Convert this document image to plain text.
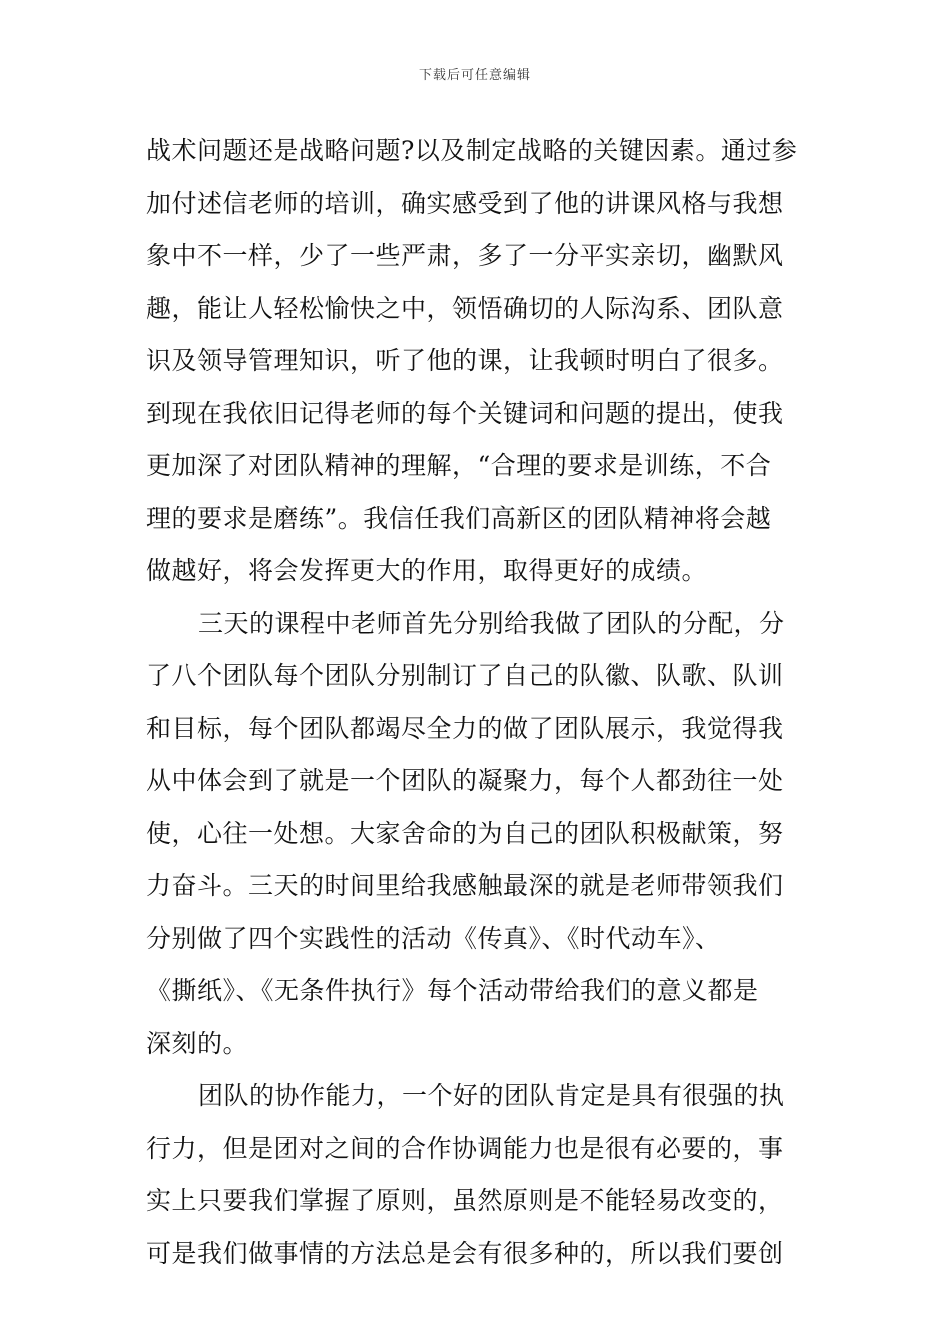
下载后可任意编辑
战术问题还是战略问题?以及制定战略的关键因素。通过参
加付述信老师的培训，确实感受到了他的讲课风格与我想
象中不一样，少了一些严肃，多了一分平实亲切，幽默风
趣，能让人轻松愉快之中，领悟确切的人际沟系、团队意
识及领导管理知识，听了他的课，让我顿时明白了很多。
到现在我依旧记得老师的每个关键词和问题的提出，使我
更加深了对团队精神的理解，“合理的要求是训练，不合
理的要求是磨练”。我信任我们高新区的团队精神将会越
做越好，将会发挥更大的作用，取得更好的成绩。
三天的课程中老师首先分别给我做了团队的分配，分
了八个团队每个团队分别制订了自己的队徽、队歌、队训
和目标，每个团队都竭尽全力的做了团队展示，我觉得我
从中体会到了就是一个团队的凝聚力，每个人都劲往一处
使，心往一处想。大家舍命的为自己的团队积极献策，努
力奋斗。三天的时间里给我感触最深的就是老师带领我们
分别做了四个实践性的活动《传真》、《时代动车》、
《撕纸》、《无条件执行》每个活动带给我们的意义都是
深刻的。
团队的协作能力，一个好的团队肯定是具有很强的执
行力，但是团对之间的合作协调能力也是很有必要的，事
实上只要我们掌握了原则，虽然原则是不能轻易改变的，
可是我们做事情的方法总是会有很多种的，所以我们要创
